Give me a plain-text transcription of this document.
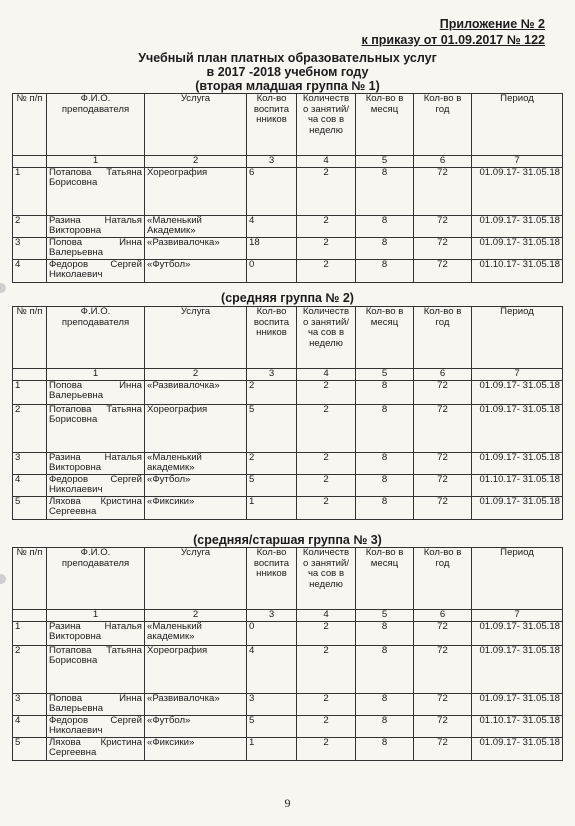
Приложение № 2
к приказу от 01.09.2017 № 122
Учебный план платных образовательных услуг
в 2017 -2018 учебном году
(вторая младшая группа № 1)
(средняя группа № 2)
(средняя/старшая группа № 3)
№ п/п	Ф.И.О. преподавателя	Услуга	Кол-во воспита нников	Количеств о занятий/ча сов в неделю	Кол-во в месяц	Кол-во в год	Период
	1	2	3	4	5	6	7
1	Потапова Татьяна Борисовна	Хореография	6	2	8	72	01.09.17- 31.05.18
2	Разина Наталья Викторовна	«Маленький Академик»	4	2	8	72	01.09.17- 31.05.18
3	Попова Инна Валерьевна	«Развивалочка»	18	2	8	72	01.09.17- 31.05.18
4	Федоров Сергей Николаевич	«Футбол»	0	2	8	72	01.10.17- 31.05.18
№ п/п	Ф.И.О. преподавателя	Услуга	Кол-во воспита нников	Количеств о занятий/ча сов в неделю	Кол-во в месяц	Кол-во в год	Период
	1	2	3	4	5	6	7
1	Попова Инна Валерьевна	«Развивалочка»	2	2	8	72	01.09.17- 31.05.18
2	Потапова Татьяна Борисовна	Хореография	5	2	8	72	01.09.17- 31.05.18
3	Разина Наталья Викторовна	«Маленький академик»	2	2	8	72	01.09.17- 31.05.18
4	Федоров Сергей Николаевич	«Футбол»	5	2	8	72	01.10.17- 31.05.18
5	Ляхова Кристина Сергеевна	«Фиксики»	1	2	8	72	01.09.17- 31.05.18
№ п/п	Ф.И.О. преподавателя	Услуга	Кол-во воспита нников	Количеств о занятий/ча сов в неделю	Кол-во в месяц	Кол-во в год	Период
	1	2	3	4	5	6	7
1	Разина Наталья Викторовна	«Маленький академик»	0	2	8	72	01.09.17- 31.05.18
2	Потапова Татьяна Борисовна	Хореография	4	2	8	72	01.09.17- 31.05.18
3	Попова Инна Валерьевна	«Развивалочка»	3	2	8	72	01.09.17- 31.05.18
4	Федоров Сергей Николаевич	«Футбол»	5	2	8	72	01.10.17- 31.05.18
5	Ляхова Кристина Сергеевна	«Фиксики»	1	2	8	72	01.09.17- 31.05.18
9
